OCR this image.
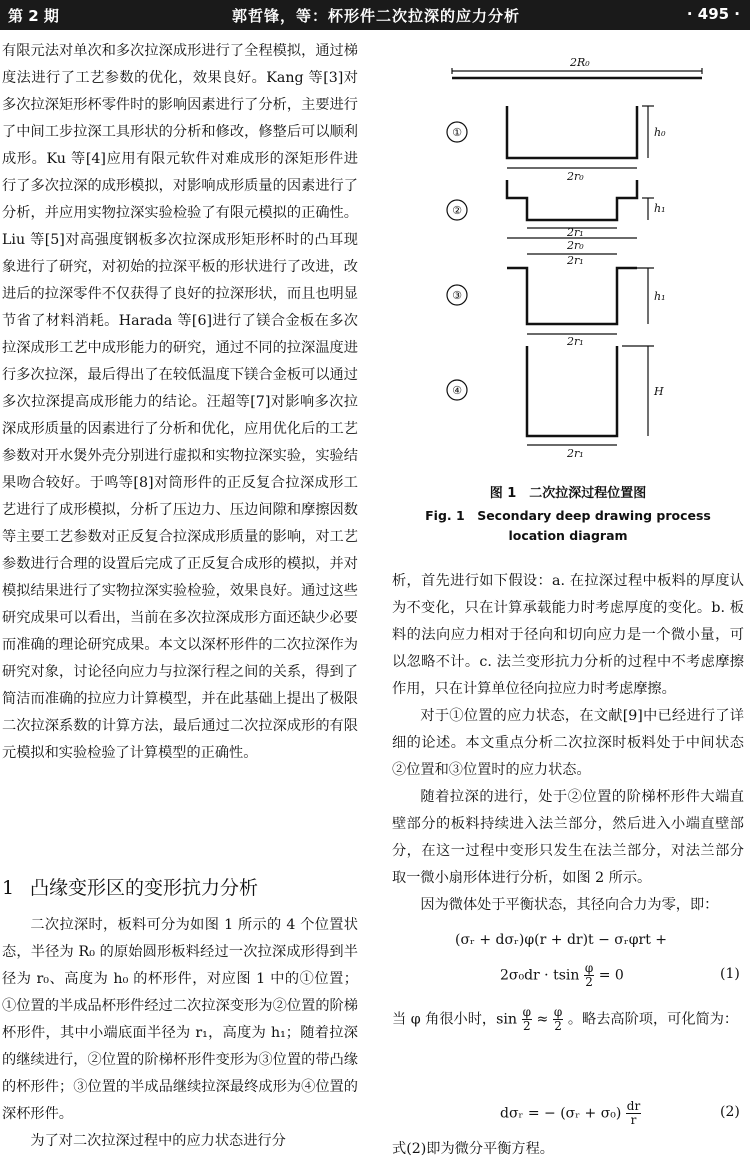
第 2 期	郭哲锋，等：杯形件二次拉深的应力分析	· 495 ·

有限元法对单次和多次拉深成形进行了全程模拟，通过梯度法进行了工艺参数的优化，效果良好。Kang 等[3]对多次拉深矩形杯零件时的影响因素进行了分析，主要进行了中间工步拉深工具形状的分析和修改，修整后可以顺利成形。Ku 等[4]应用有限元软件对难成形的深矩形件进行了多次拉深的成形模拟，对影响成形质量的因素进行了分析，并应用实物拉深实验检验了有限元模拟的正确性。Liu 等[5]对高强度钢板多次拉深成形矩形杯时的凸耳现象进行了研究，对初始的拉深平板的形状进行了改进，改进后的拉深零件不仅获得了良好的拉深形状，而且也明显节省了材料消耗。Harada 等[6]进行了镁合金板在多次拉深成形工艺中成形能力的研究，通过不同的拉深温度进行多次拉深，最后得出了在较低温度下镁合金板可以通过多次拉深提高成形能力的结论。汪超等[7]对影响多次拉深成形质量的因素进行了分析和优化，应用优化后的工艺参数对开水煲外壳分别进行虚拟和实物拉深实验，实验结果吻合较好。于鸣等[8]对筒形件的正反复合拉深成形工艺进行了成形模拟，分析了压边力、压边间隙和摩擦因数等主要工艺参数对正反复合拉深成形质量的影响，对工艺参数进行合理的设置后完成了正反复合成形的模拟，并对模拟结果进行了实物拉深实验检验，效果良好。通过这些研究成果可以看出，当前在多次拉深成形方面还缺少必要而准确的理论研究成果。本文以深杯形件的二次拉深作为研究对象，讨论径向应力与拉深行程之间的关系，得到了简洁而准确的拉应力计算模型，并在此基础上提出了极限二次拉深系数的计算方法，最后通过二次拉深成形的有限元模拟和实验检验了计算模型的正确性。

1 凸缘变形区的变形抗力分析

二次拉深时，板料可分为如图 1 所示的 4 个位置状态，半径为 R₀ 的原始圆形板料经过一次拉深成形得到半径为 r₀、高度为 h₀ 的杯形件，对应图 1 中的①位置；①位置的半成品杯形件经过二次拉深变形为②位置的阶梯杯形件，其中小端底面半径为 r₁，高度为 h₁；随着拉深的继续进行，②位置的阶梯杯形件变形为③位置的带凸缘的杯形件；③位置的半成品继续拉深最终成形为④位置的深杯形件。

为了对二次拉深过程中的应力状态进行分

2R₀
h₀
2r₀
h₁
2r₁
2r₀
2r₁
h₁
2r₁
H
2r₁
①
②
③
④
图 1　二次拉深过程位置图
Fig. 1　Secondary deep drawing process
location diagram

析，首先进行如下假设：a. 在拉深过程中板料的厚度认为不变化，只在计算承载能力时考虑厚度的变化。b. 板料的法向应力相对于径向和切向应力是一个微小量，可以忽略不计。c. 法兰变形抗力分析的过程中不考虑摩擦作用，只在计算单位径向拉应力时考虑摩擦。

对于①位置的应力状态，在文献[9]中已经进行了详细的论述。本文重点分析二次拉深时板料处于中间状态②位置和③位置时的应力状态。

随着拉深的进行，处于②位置的阶梯杯形件大端直壁部分的板料持续进入法兰部分，然后进入小端直壁部分，在这一过程中变形只发生在法兰部分，对法兰部分取一微小扇形体进行分析，如图 2 所示。

因为微体处于平衡状态，其径向合力为零，即：

(σᵣ + dσᵣ)φ(r + dr)t − σᵣφrt +
2σ₀dr · tsin $\frac{\varphi}{2} = 0$	(1)

当 φ 角很小时，$\sin \frac{\varphi}{2} \approx \frac{\varphi}{2}$ 。略去高阶项，可化简为：

dσᵣ = − (σᵣ + $\sigma_0) \frac{dr}{r}$	(2)

式(2)即为微分平衡方程。
